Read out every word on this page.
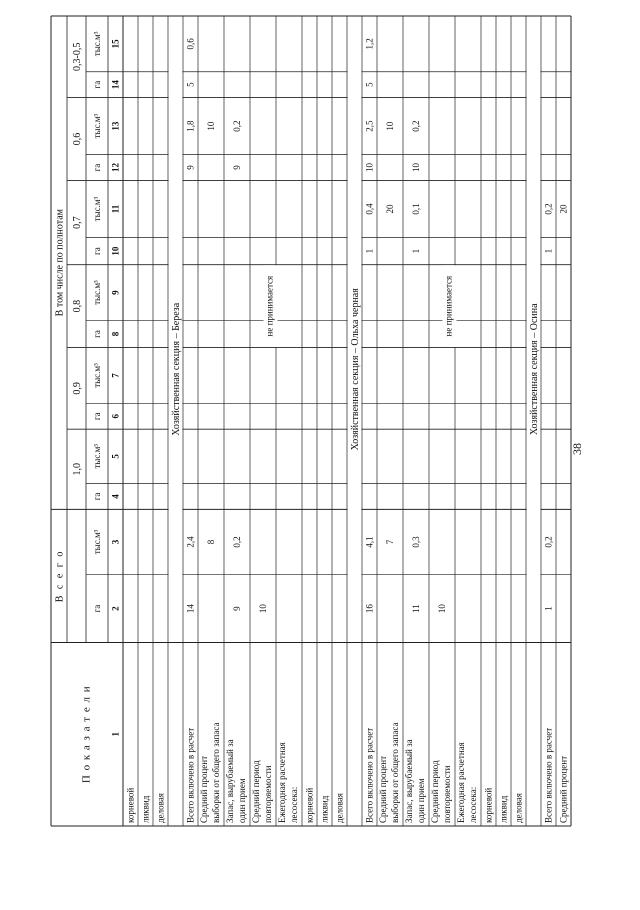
П о к а з а т е л и
В с е г о
В том числе по полнотам
1,0
0,9
0,8
0,7
0,6
0,3-0,5
га
тыс.м³
га
тыс.м³
га
тыс.м³
га
тыс.м³
га
тыс.м³
га
тыс.м³
га
тыс.м³
1
2
3
4
5
6
7
8
9
10
11
12
13
14
15
корневой ликвид деловая
Хозяйственная секция – Береза
Всего включено в расчет
14
2,4
9
1,8
5
0,6
Средний процент выборки от общего запаса
8
10
Запас, вырубаемый за один прием
9
0,2
9
0,2
Средний период повторяемости
10
Ежегодная расчетная лесосека: корневой ликвид деловая
Хозяйственная секция – Ольха черная
Всего включено в расчет
16
4,1
1
0,4
10
2,5
5
1,2
Средний процент выборки от общего запаса
7
20
10
Запас, вырубаемый за один прием
11
0,3
1
0,1
10
0,2
Средний период повторяемости
10
Ежегодная расчетная лесосека: корневой ликвид деловая
Хозяйственная секция – Осина
Всего включено в расчет
1
0,2
1
0,2
Средний процент
20
не принимается	не принимается
38
